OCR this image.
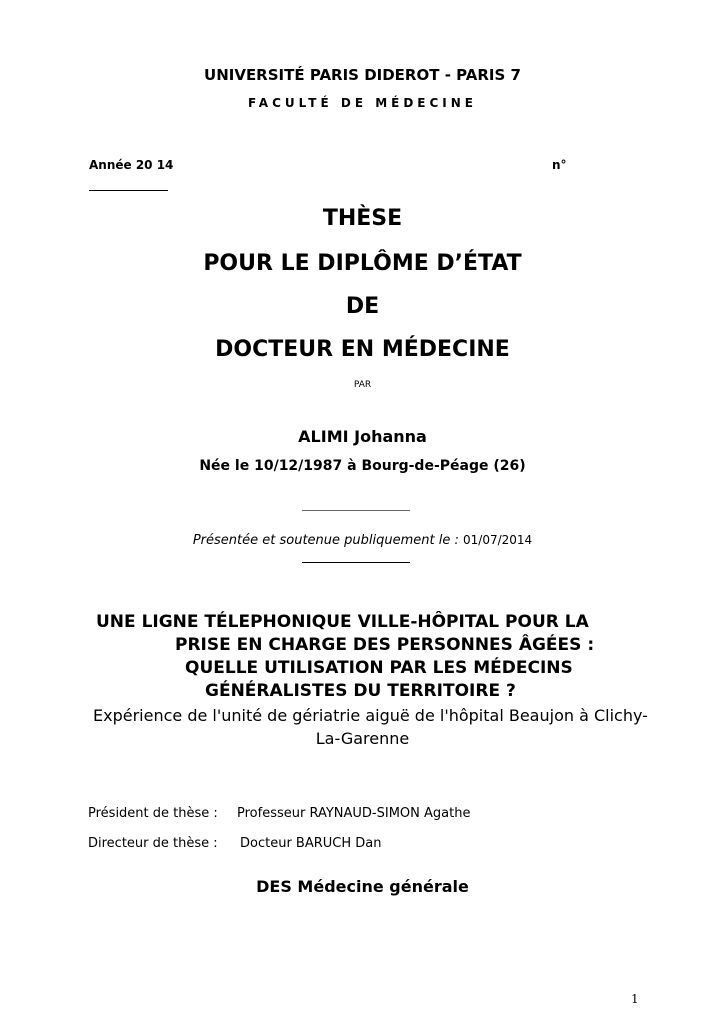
UNIVERSITÉ PARIS DIDEROT - PARIS 7
FACULTÉ DE MÉDECINE
Année 20 14	n°
THÈSE
POUR LE DIPLÔME D’ÉTAT
DE
DOCTEUR EN MÉDECINE
PAR
ALIMI Johanna
Née le 10/12/1987 à Bourg-de-Péage (26)
Présentée et soutenue publiquement le : 01/07/2014
UNE LIGNE TÉLEPHONIQUE VILLE-HÔPITAL POUR LA
PRISE EN CHARGE DES PERSONNES ÂGÉES :
QUELLE UTILISATION PAR LES MÉDECINS
GÉNÉRALISTES DU TERRITOIRE ?
Expérience de l'unité de gériatrie aiguë de l'hôpital Beaujon à Clichy-
La-Garenne
Président de thèse : Professeur RAYNAUD-SIMON Agathe
Directeur de thèse : Docteur BARUCH Dan
DES Médecine générale
1
